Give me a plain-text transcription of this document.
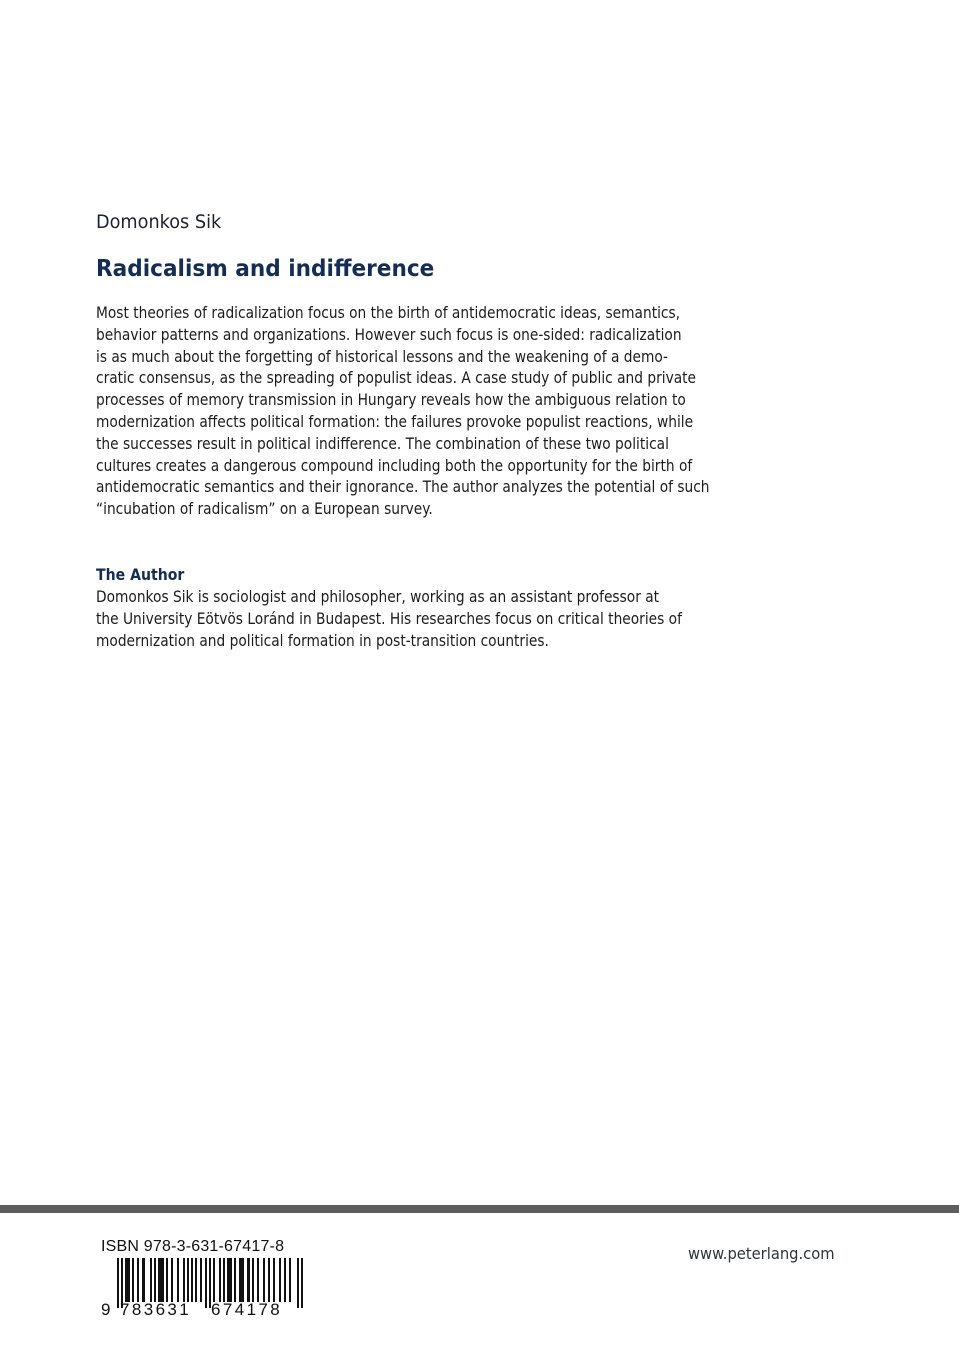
Domonkos Sik
Radicalism and indifference

Most theories of radicalization focus on the birth of antidemocratic ideas, semantics,
behavior patterns and organizations. However such focus is one-sided: radicalization
is as much about the forgetting of historical lessons and the weakening of a demo-
cratic consensus, as the spreading of populist ideas. A case study of public and private
processes of memory transmission in Hungary reveals how the ambiguous relation to
modernization affects political formation: the failures provoke populist reactions, while
the successes result in political indifference. The combination of these two political
cultures creates a dangerous compound including both the opportunity for the birth of
antidemocratic semantics and their ignorance. The author analyzes the potential of such
“incubation of radicalism” on a European survey.

The Author

Domonkos Sik is sociologist and philosopher, working as an assistant professor at
the University Eötvös Loránd in Budapest. His researches focus on critical theories of
modernization and political formation in post-transition countries.

ISBN 978-3-631-67417-8
9 783631 674178
www.peterlang.com
